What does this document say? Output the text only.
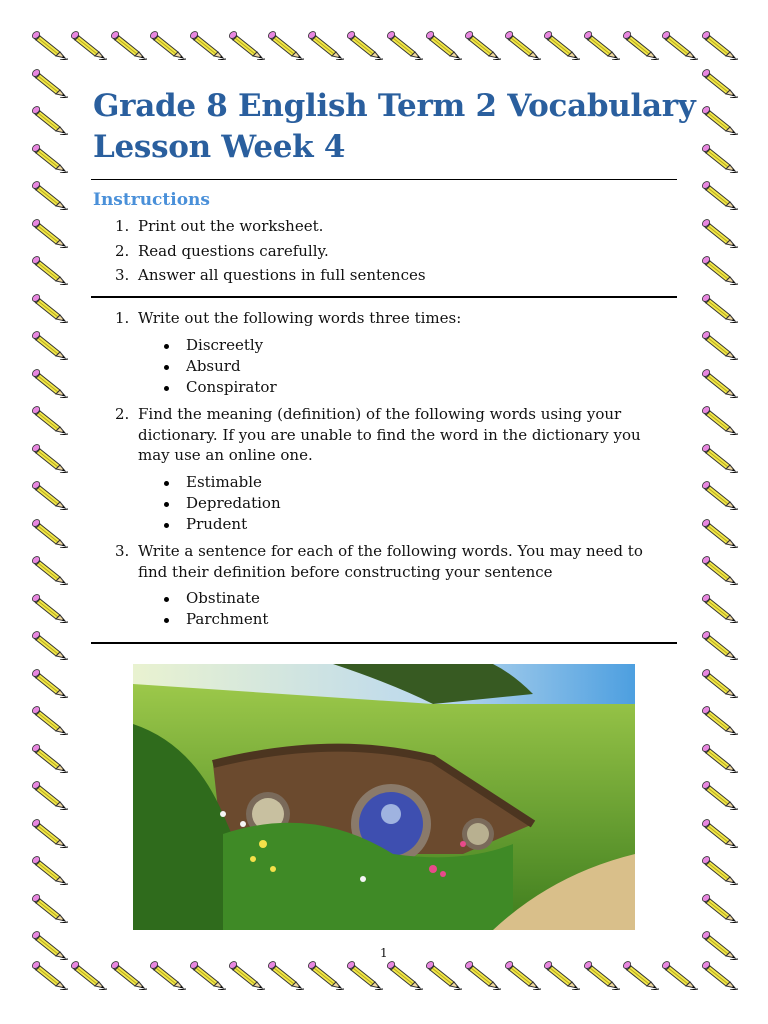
Grade 8 English Term 2 Vocabulary
Lesson Week 4
Instructions
1. Print out the worksheet.
2. Read questions carefully.
3. Answer all questions in full sentences
1. Write out the following words three times:
Discreetly
Absurd
Conspirator
2. Find the meaning (definition) of the following words using your dictionary. If you are unable to find the word in the dictionary you may use an online one.
Estimable
Depredation
Prudent
3. Write a sentence for each of the following words. You may need to find their definition before constructing your sentence
Obstinate
Parchment
1
